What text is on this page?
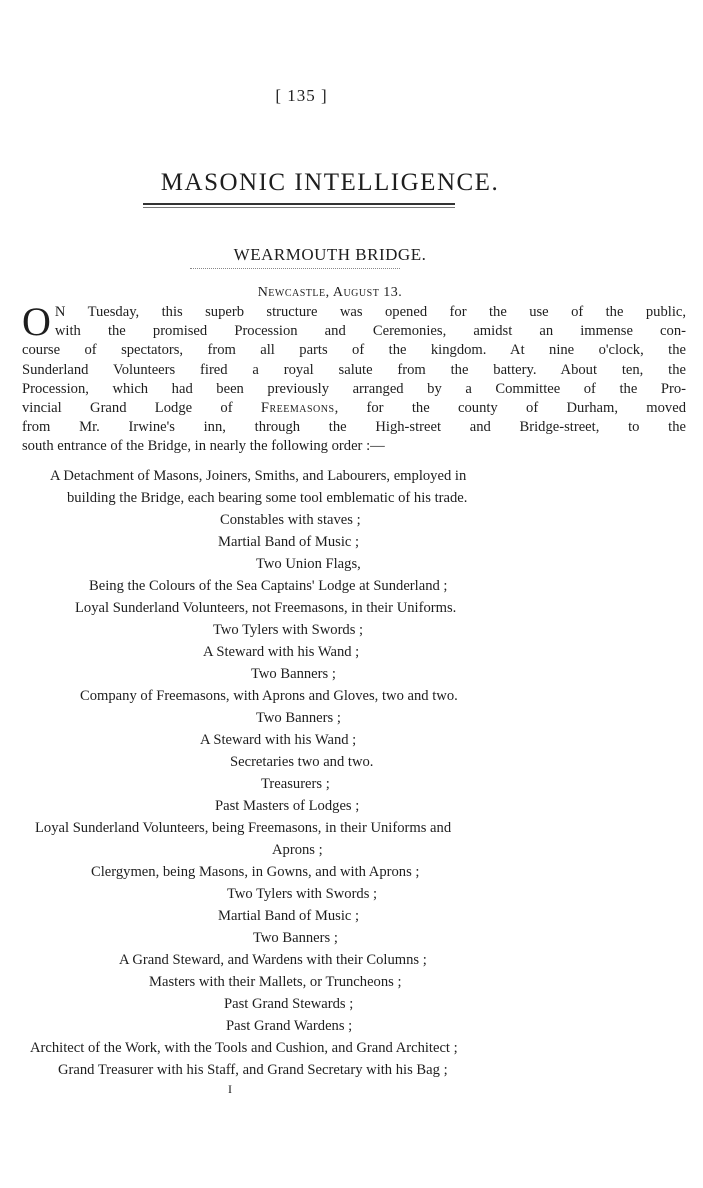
[ 135 ]
MASONIC INTELLIGENCE.
WEARMOUTH BRIDGE.
Newcastle, August 13.
O N Tuesday, this superb structure was opened for the use of the public,
with the promised Procession and Ceremonies, amidst an immense con-
course of spectators, from all parts of the kingdom. At nine o'clock, the
Sunderland Volunteers fired a royal salute from the battery. About ten, the
Procession, which had been previously arranged by a Committee of the Pro-
vincial Grand Lodge of Freemasons, for the county of Durham, moved
from Mr. Irwine's inn, through the High-street and Bridge-street, to the
south entrance of the Bridge, in nearly the following order :—
A Detachment of Masons, Joiners, Smiths, and Labourers, employed in
building the Bridge, each bearing some tool emblematic of his trade.
Constables with staves ;
Martial Band of Music ;
Two Union Flags,
Being the Colours of the Sea Captains' Lodge at Sunderland ;
Loyal Sunderland Volunteers, not Freemasons, in their Uniforms.
Two Tylers with Swords ;
A Steward with his Wand ;
Two Banners ;
Company of Freemasons, with Aprons and Gloves, two and two.
Two Banners ;
A Steward with his Wand ;
Secretaries two and two.
Treasurers ;
Past Masters of Lodges ;
Loyal Sunderland Volunteers, being Freemasons, in their Uniforms and
Aprons ;
Clergymen, being Masons, in Gowns, and with Aprons ;
Two Tylers with Swords ;
Martial Band of Music ;
Two Banners ;
A Grand Steward, and Wardens with their Columns ;
Masters with their Mallets, or Truncheons ;
Past Grand Stewards ;
Past Grand Wardens ;
Architect of the Work, with the Tools and Cushion, and Grand Architect ;
Grand Treasurer with his Staff, and Grand Secretary with his Bag ;
I
